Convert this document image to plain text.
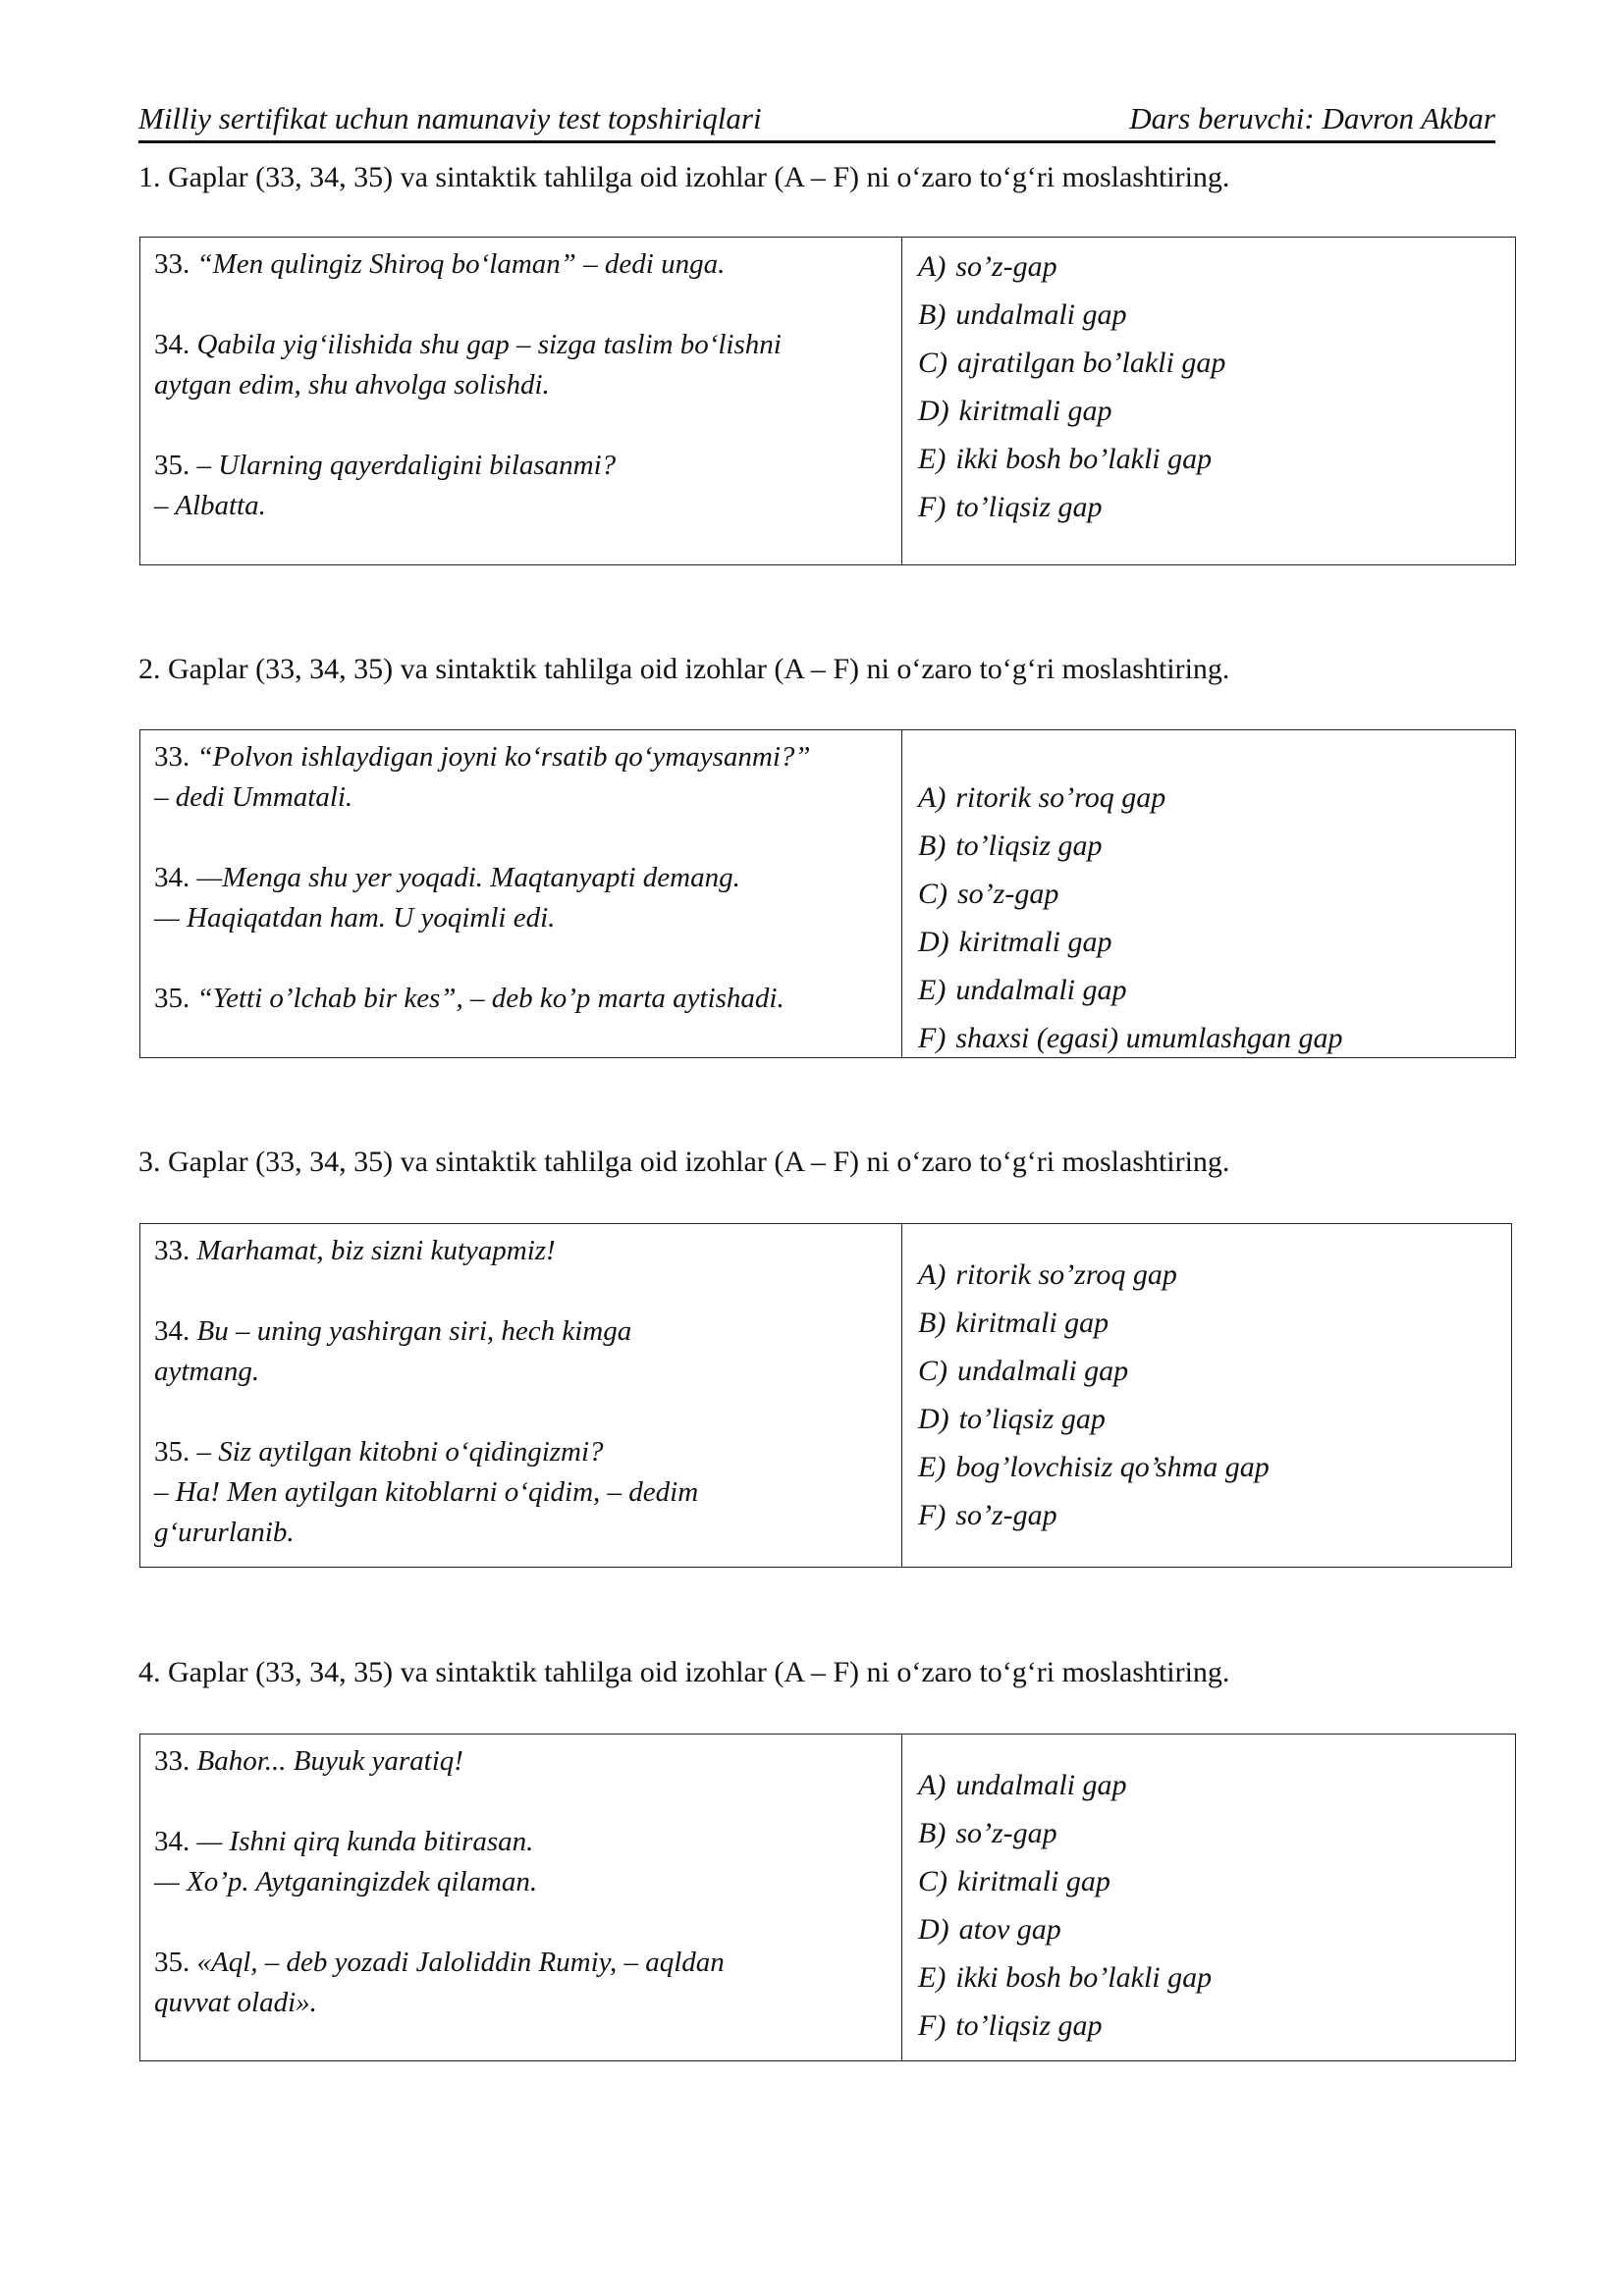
Milliy sertifikat uchun namunaviy test topshiriqlari	Dars beruvchi: Davron Akbar
1. Gaplar (33, 34, 35) va sintaktik tahlilga oid izohlar (A – F) ni o‘zaro to‘g‘ri moslashtiring.
33. “Men qulingiz Shiroq bo‘laman” – dedi unga.
34. Qabila yig‘ilishida shu gap – sizga taslim bo‘lishni
aytgan edim, shu ahvolga solishdi.
35. – Ularning qayerdaligini bilasanmi?
– Albatta.
A) so’z-gap
B) undalmali gap
C) ajratilgan bo’lakli gap
D) kiritmali gap
E) ikki bosh bo’lakli gap
F) to’liqsiz gap
2. Gaplar (33, 34, 35) va sintaktik tahlilga oid izohlar (A – F) ni o‘zaro to‘g‘ri moslashtiring.
33. “Polvon ishlaydigan joyni ko‘rsatib qo‘ymaysanmi?”
– dedi Ummatali.
34. —Menga shu yer yoqadi. Maqtanyapti demang.
— Haqiqatdan ham. U yoqimli edi.
35. “Yetti o’lchab bir kes”, – deb ko’p marta aytishadi.
A) ritorik so’roq gap
B) to’liqsiz gap
C) so’z-gap
D) kiritmali gap
E) undalmali gap
F) shaxsi (egasi) umumlashgan gap
3. Gaplar (33, 34, 35) va sintaktik tahlilga oid izohlar (A – F) ni o‘zaro to‘g‘ri moslashtiring.
33. Marhamat, biz sizni kutyapmiz!
34. Bu – uning yashirgan siri, hech kimga
aytmang.
35. – Siz aytilgan kitobni o‘qidingizmi?
– Ha! Men aytilgan kitoblarni o‘qidim, – dedim
g‘ururlanib.
A) ritorik so’zroq gap
B) kiritmali gap
C) undalmali gap
D) to’liqsiz gap
E) bog’lovchisiz qo’shma gap
F) so’z-gap
4. Gaplar (33, 34, 35) va sintaktik tahlilga oid izohlar (A – F) ni o‘zaro to‘g‘ri moslashtiring.
33. Bahor... Buyuk yaratiq!
34. — Ishni qirq kunda bitirasan.
— Xo’p. Aytganingizdek qilaman.
35. «Aql, – deb yozadi Jaloliddin Rumiy, – aqldan
quvvat oladi».
A) undalmali gap
B) so’z-gap
C) kiritmali gap
D) atov gap
E) ikki bosh bo’lakli gap
F) to’liqsiz gap
